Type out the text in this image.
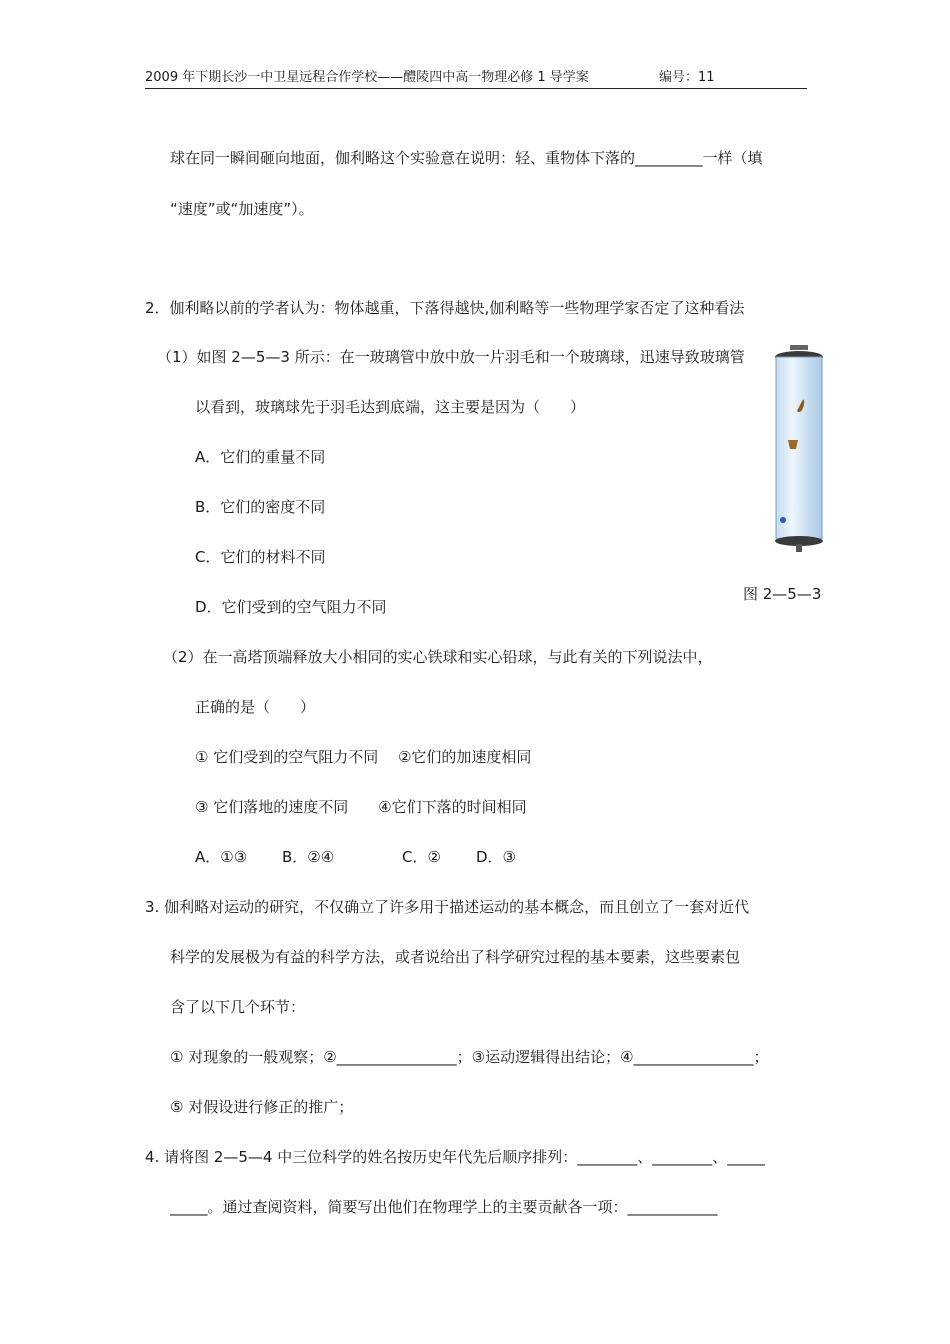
2009 年下期长沙一中卫星远程合作学校——醴陵四中高一物理必修 1 导学案	编号：11
球在同一瞬间砸向地面，伽利略这个实验意在说明：轻、重物体下落的_________一样（填
“速度”或“加速度”）。
2．伽利略以前的学者认为：物体越重，下落得越快,伽利略等一些物理学家否定了这种看法
（1）如图 2—5—3 所示：在一玻璃管中放中放一片羽毛和一个玻璃球，迅速导致玻璃管
以看到，玻璃球先于羽毛达到底端，这主要是因为（　　）
A．它们的重量不同
B．它们的密度不同
C．它们的材料不同
D．它们受到的空气阻力不同
图 2—5—3
（2）在一高塔顶端释放大小相同的实心铁球和实心铅球，与此有关的下列说法中，
正确的是（　　）
① 它们受到的空气阻力不同　 ②它们的加速度相同
③ 它们落地的速度不同　　④它们下落的时间相同
A．①③ B．②④	C．② D．③
3. 伽利略对运动的研究，不仅确立了许多用于描述运动的基本概念，而且创立了一套对近代
科学的发展极为有益的科学方法，或者说给出了科学研究过程的基本要素，这些要素包
含了以下几个环节：
① 对现象的一般观察；②________________；③运动逻辑得出结论；④________________；
⑤ 对假设进行修正的推广；
4. 请将图 2—5—4 中三位科学的姓名按历史年代先后顺序排列：________、________、_____
_____。通过查阅资料，简要写出他们在物理学上的主要贡献各一项：____________
